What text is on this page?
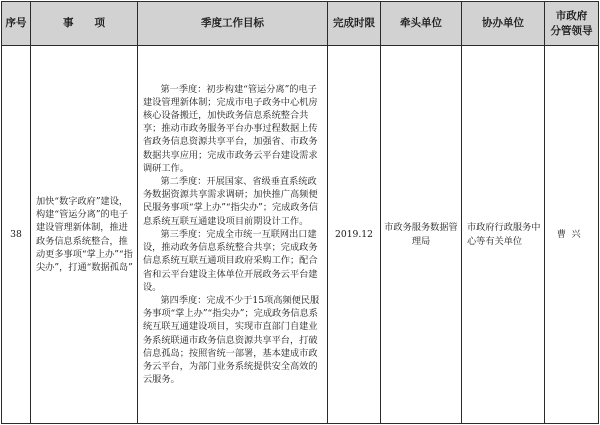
序号	事　　项	季度工作目标	完成时限	牵头单位	协办单位	市政府
分管领导

38	加快“数字政府”建设，构建“管运分离”的电子建设管理新体制，推进政务信息系统整合，推动更多事项“掌上办”“指尖办”，打通“数据孤岛”	第一季度：初步构建“管运分离”的电子建设管理新体制；完成市电子政务中心机房核心设备搬迁，加快政务信息系统整合共享；推动市政务服务平台办事过程数据上传省政务信息资源共享平台，加强省、市政务数据共享应用；完成市政务云平台建设需求调研工作。

第二季度：开展国家、省级垂直系统政务数据资源共享需求调研；加快推广高频便民服务事项“掌上办”“指尖办”；完成政务信息系统互联互通建设项目前期设计工作。

第三季度：完成全市统一互联网出口建设，推动政务信息系统整合共享；完成政务信息系统互联互通项目政府采购工作；配合省和云平台建设主体单位开展政务云平台建设。

第四季度：完成不少于15项高频便民服务事项“掌上办”“指尖办”；完成政务信息系统互联互通建设项目，实现市直部门自建业务系统联通市政务信息资源共享平台，打破信息孤岛；按照省统一部署，基本建成市政务云平台，为部门业务系统提供安全高效的云服务。	2019.12	市政务服务数据管理局	市政府行政服务中心等有关单位	曹兴
